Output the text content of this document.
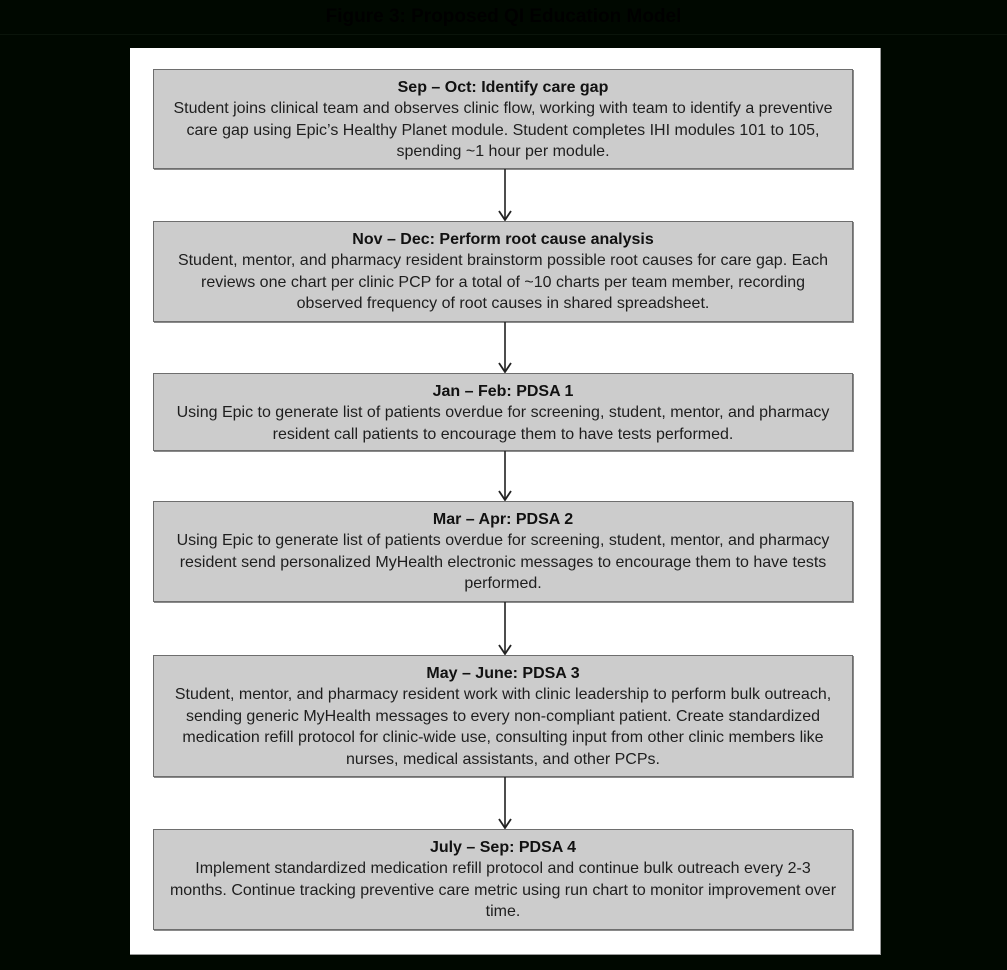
Figure 3: Proposed QI Education Model
Sep – Oct: Identify care gap
Student joins clinical team and observes clinic flow, working with team to identify a preventive care gap using Epic’s Healthy Planet module. Student completes IHI modules 101 to 105, spending ~1 hour per module.
Nov – Dec: Perform root cause analysis
Student, mentor, and pharmacy resident brainstorm possible root causes for care gap. Each reviews one chart per clinic PCP for a total of ~10 charts per team member, recording observed frequency of root causes in shared spreadsheet.
Jan – Feb: PDSA 1
Using Epic to generate list of patients overdue for screening, student, mentor, and pharmacy resident call patients to encourage them to have tests performed.
Mar – Apr: PDSA 2
Using Epic to generate list of patients overdue for screening, student, mentor, and pharmacy resident send personalized MyHealth electronic messages to encourage them to have tests performed.
May – June: PDSA 3
Student, mentor, and pharmacy resident work with clinic leadership to perform bulk outreach, sending generic MyHealth messages to every non-compliant patient. Create standardized medication refill protocol for clinic-wide use, consulting input from other clinic members like nurses, medical assistants, and other PCPs.
July – Sep: PDSA 4
Implement standardized medication refill protocol and continue bulk outreach every 2-3 months. Continue tracking preventive care metric using run chart to monitor improvement over time.
